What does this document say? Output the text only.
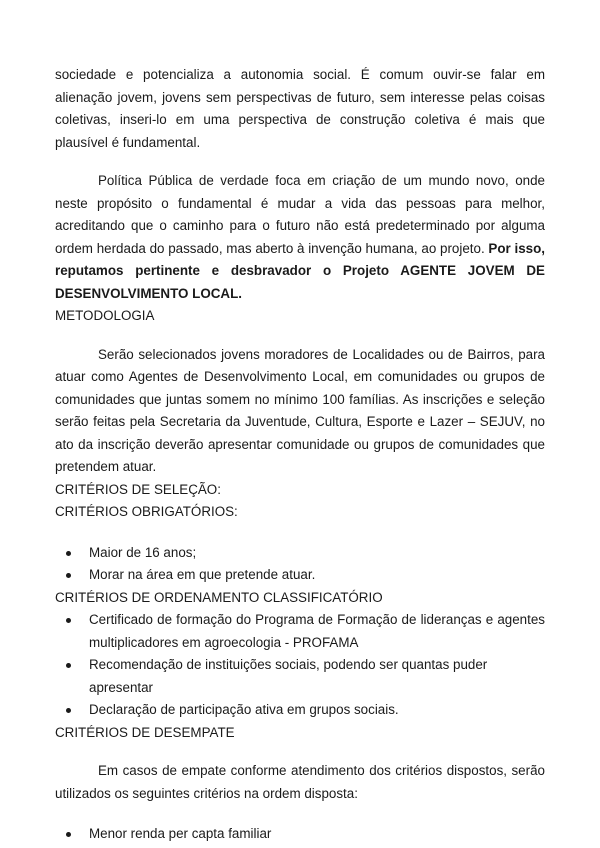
sociedade e potencializa a autonomia social. É comum ouvir-se falar em alienação jovem, jovens sem perspectivas de futuro, sem interesse pelas coisas coletivas, inseri-lo em uma perspectiva de construção coletiva é mais que plausível é fundamental.

Política Pública de verdade foca em criação de um mundo novo, onde neste propósito o fundamental é mudar a vida das pessoas para melhor, acreditando que o caminho para o futuro não está predeterminado por alguma ordem herdada do passado, mas aberto à invenção humana, ao projeto. Por isso, reputamos pertinente e desbravador o Projeto AGENTE JOVEM DE DESENVOLVIMENTO LOCAL.

METODOLOGIA

Serão selecionados jovens moradores de Localidades ou de Bairros, para atuar como Agentes de Desenvolvimento Local, em comunidades ou grupos de comunidades que juntas somem no mínimo 100 famílias. As inscrições e seleção serão feitas pela Secretaria da Juventude, Cultura, Esporte e Lazer – SEJUV, no ato da inscrição deverão apresentar comunidade ou grupos de comunidades que pretendem atuar.

CRITÉRIOS DE SELEÇÃO:

CRITÉRIOS OBRIGATÓRIOS:

Maior de 16 anos;
Morar na área em que pretende atuar.

CRITÉRIOS DE ORDENAMENTO CLASSIFICATÓRIO

Certificado de formação do Programa de Formação de lideranças e agentes multiplicadores em agroecologia - PROFAMA
Recomendação de instituições sociais, podendo ser quantas puder apresentar
Declaração de participação ativa em grupos sociais.

CRITÉRIOS DE DESEMPATE

Em casos de empate conforme atendimento dos critérios dispostos, serão utilizados os seguintes critérios na ordem disposta:

Menor renda per capta familiar
